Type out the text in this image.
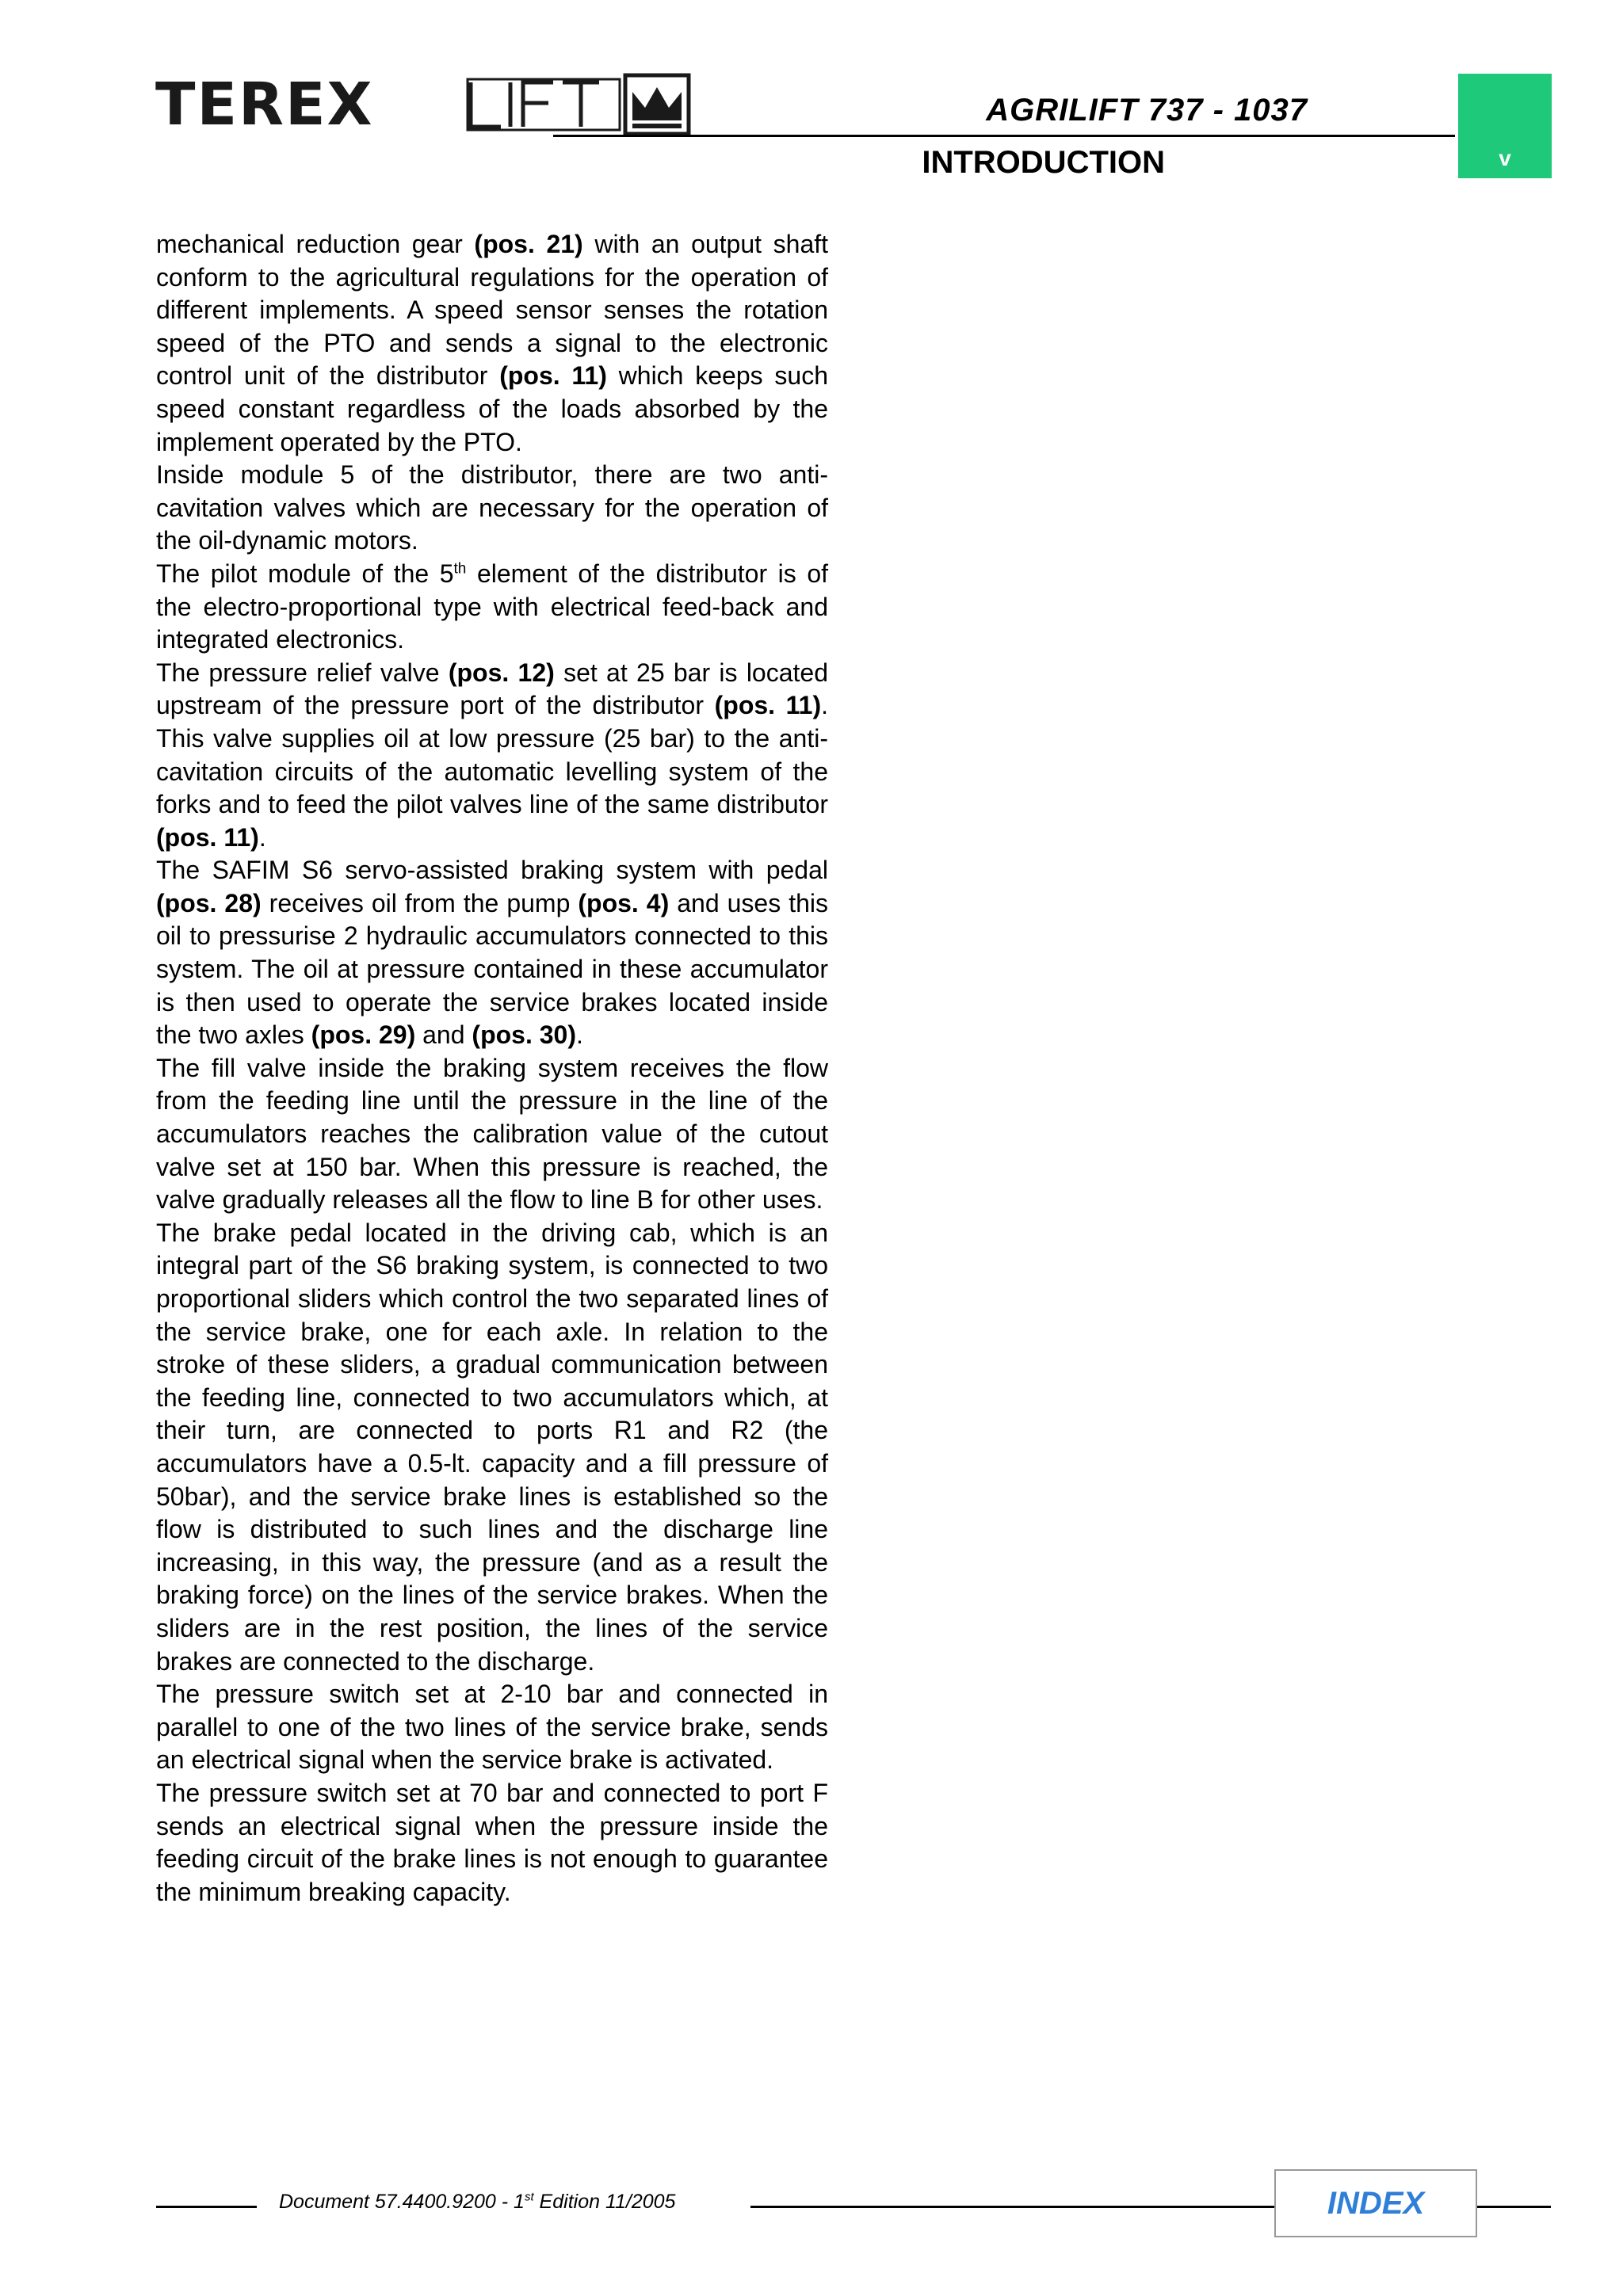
TEREX	AGRILIFT 737 - 1037
INTRODUCTION	v

mechanical reduction gear (pos. 21) with an output shaft conform to the agricultural regulations for the operation of different implements. A speed sensor senses the rotation speed of the PTO and sends a signal to the electronic control unit of the distributor (pos. 11) which keeps such speed constant regardless of the loads absorbed by the implement operated by the PTO.

Inside module 5 of the distributor, there are two anti-cavitation valves which are necessary for the operation of the oil-dynamic motors.

The pilot module of the 5th element of the distributor is of the electro-proportional type with electrical feed-back and integrated electronics.

The pressure relief valve (pos. 12) set at 25 bar is located upstream of the pressure port of the distributor (pos. 11). This valve supplies oil at low pressure (25 bar) to the anti-cavitation circuits of the automatic levelling system of the forks and to feed the pilot valves line of the same distributor (pos. 11).

The SAFIM S6 servo-assisted braking system with pedal (pos. 28) receives oil from the pump (pos. 4) and uses this oil to pressurise 2 hydraulic accumulators connected to this system. The oil at pressure contained in these accumulator is then used to operate the service brakes located inside the two axles (pos. 29) and (pos. 30).

The fill valve inside the braking system receives the flow from the feeding line until the pressure in the line of the accumulators reaches the calibration value of the cutout valve set at 150 bar. When this pressure is reached, the valve gradually releases all the flow to line B for other uses.

The brake pedal located in the driving cab, which is an integral part of the S6 braking system, is connected to two proportional sliders which control the two separated lines of the service brake, one for each axle. In relation to the stroke of these sliders, a gradual communication between the feeding line, connected to two accumulators which, at their turn, are connected to ports R1 and R2 (the accumulators have a 0.5-lt. capacity and a fill pressure of 50bar), and the service brake lines is established so the flow is distributed to such lines and the discharge line increasing, in this way, the pressure (and as a result the braking force) on the lines of the service brakes. When the sliders are in the rest position, the lines of the service brakes are connected to the discharge.

The pressure switch set at 2-10 bar and connected in parallel to one of the two lines of the service brake, sends an electrical signal when the service brake is activated.

The pressure switch set at 70 bar and connected to port F sends an electrical signal when the pressure inside the feeding circuit of the brake lines is not enough to guarantee the minimum breaking capacity.

Document 57.4400.9200 - 1st Edition 11/2005	INDEX
